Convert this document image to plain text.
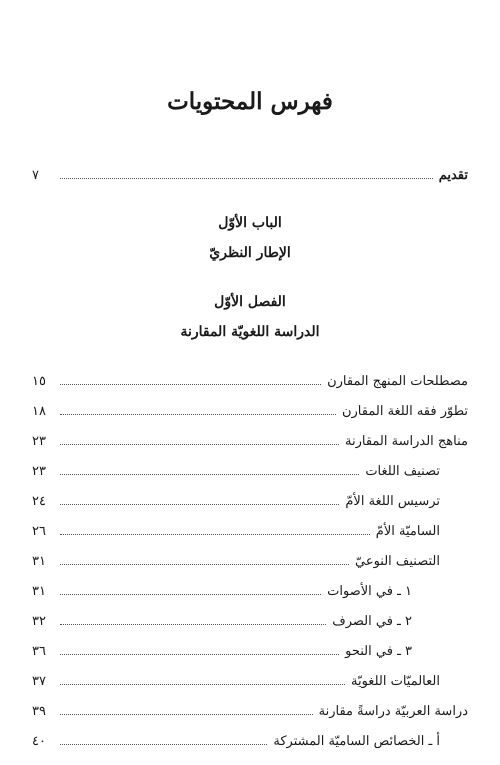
فهرس المحتويات
تقديم
٧
الباب الأوّل
الإطار النظريّ
الفصل الأوّل
الدراسة اللغويّة المقارنة
مصطلحات المنهج المقارن
١٥
تطوّر فقه اللغة المقارن
١٨
مناهج الدراسة المقارنة
٢٣
تصنيف اللغات
٢٣
ترسيس اللغة الأمّ
٢٤
الساميّة الأمّ
٢٦
التصنيف النوعيّ
٣١
١ ـ في الأصوات
٣١
٢ ـ في الصرف
٣٢
٣ ـ في النحو
٣٦
العالميّات اللغويّة
٣٧
دراسة العربيّة دراسةً مقارنة
٣٩
أ ـ الخصائص الساميّة المشتركة
٤٠
